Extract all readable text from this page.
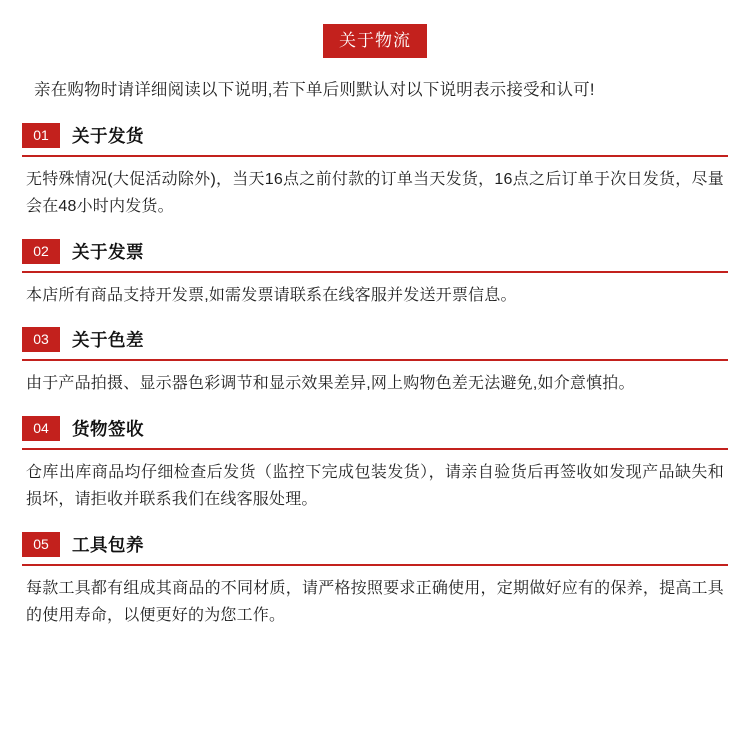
关于物流

亲在购物时请详细阅读以下说明,若下单后则默认对以下说明表示接受和认可!

01	关于发货
无特殊情况(大促活动除外)，当天16点之前付款的订单当天发货，16点之后订单于次日发货，尽量会在48小时内发货。
02	关于发票
本店所有商品支持开发票,如需发票请联系在线客服并发送开票信息。
03	关于色差
由于产品拍摄、显示器色彩调节和显示效果差异,网上购物色差无法避免,如介意慎拍。
04	货物签收
仓库出库商品均仔细检查后发货（监控下完成包装发货），请亲自验货后再签收如发现产品缺失和损坏，请拒收并联系我们在线客服处理。
05	工具包养
每款工具都有组成其商品的不同材质，请严格按照要求正确使用，定期做好应有的保养，提高工具的使用寿命，以便更好的为您工作。
